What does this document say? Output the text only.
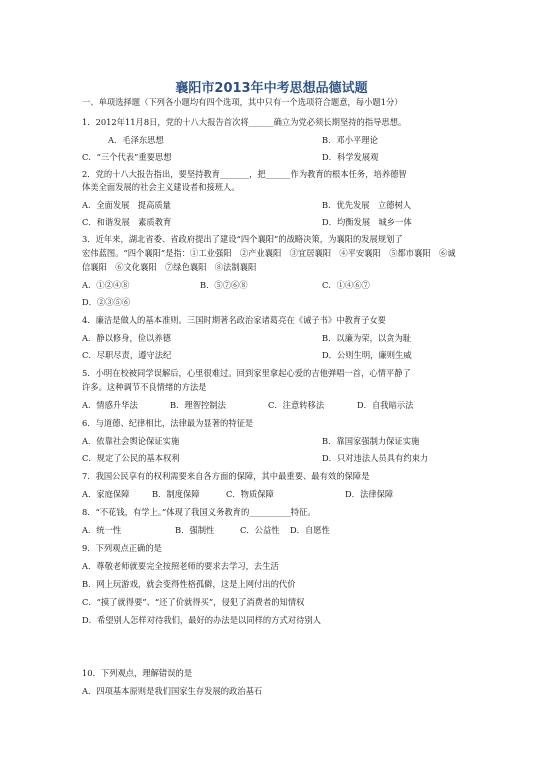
襄阳市2013年中考思想品德试题
一、单项选择题（下列各小题均有四个选项，其中只有一个选项符合题意，每小题1分）
1．2012年11月8日，党的十八大报告首次将______确立为党必须长期坚持的指导思想。
A．毛泽东思想	B．邓小平理论
C．“三个代表”重要思想	D．科学发展观
2．党的十八大报告指出，要坚持教育_______，把______作为教育的根本任务，培养德智
体美全面发展的社会主义建设者和接班人。
A．全面发展　提高质量	B．优先发展　立德树人
C．和谐发展　素质教育	D．均衡发展　城乡一体
3．近年来，湖北省委、省政府提出了建设“四个襄阳”的战略决策，为襄阳的发展规划了
宏伟蓝图。“四个襄阳”是指：①工业强阳　②产业襄阳　③宜居襄阳　④平安襄阳　⑤都市襄阳　⑥诚
信襄阳　⑥文化襄阳　⑦绿色襄阳　⑧法制襄阳
A．①②④⑧	B．⑤⑦⑥⑧	C．①④⑥⑦
D．②③⑤⑥
4．廉洁是做人的基本准则。三国时期著名政治家诸葛亮在《诫子书》中教育子女要
A．静以修身，俭以养德	B．以廉为荣，以贪为耻
C．尽职尽责，遵守法纪	D．公则生明，廉则生威
5．小明在校被同学误解后，心里很难过。回到家里拿起心爱的吉他弹唱一首，心情平静了
许多。这种调节不良情绪的方法是
A．情感升华法	B．理智控制法	C．注意转移法	D．自我暗示法
6．与道德、纪律相比，法律最为显著的特征是
A．依靠社会舆论保证实施	B．靠国家强制力保证实施
C．规定了公民的基本权利	D．只对违法人员具有约束力
7．我国公民享有的权利需要来自各方面的保障，其中最重要、最有效的保障是
A．家庭保障	B．制度保障	C．物质保障	D．法律保障
8．“不花钱，有学上。”体现了我国义务教育的__________特征。
A．统一性	B．强制性	C．公益性 D．自愿性
9．下列观点正确的是
A．尊敬老师就要完全按照老师的要求去学习，去生活
B．网上玩游戏，就会变得性格孤僻，这是上网付出的代价
C．“摸了就得要”、“还了价就得买”，侵犯了消费者的知情权
D．希望别人怎样对待我们，最好的办法是以同样的方式对待别人
10．下列观点，理解错误的是
A．四项基本原则是我们国家生存发展的政治基石
